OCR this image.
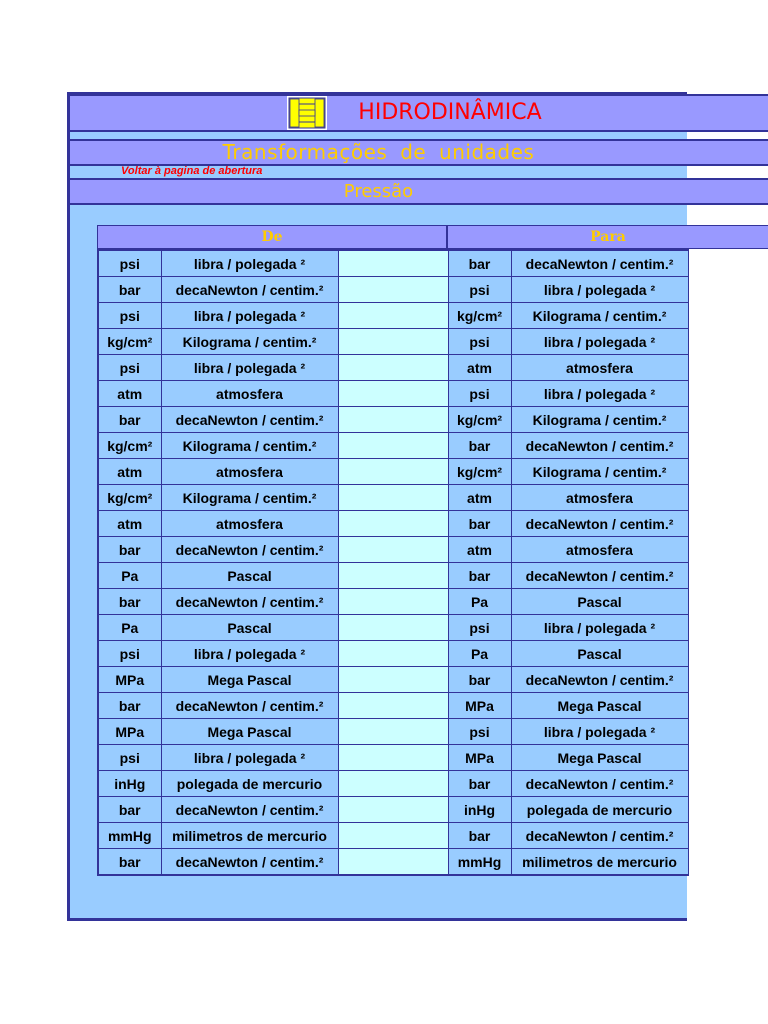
HIDRODINÂMICA
Transformações de unidades
Voltar à pagina de abertura
Pressão
De	Para
psi	libra / polegada ²		bar	decaNewton / centim.²
bar	decaNewton / centim.²		psi	libra / polegada ²
psi	libra / polegada ²		kg/cm²	Kilograma / centim.²
kg/cm²	Kilograma / centim.²		psi	libra / polegada ²
psi	libra / polegada ²		atm	atmosfera
atm	atmosfera		psi	libra / polegada ²
bar	decaNewton / centim.²		kg/cm²	Kilograma / centim.²
kg/cm²	Kilograma / centim.²		bar	decaNewton / centim.²
atm	atmosfera		kg/cm²	Kilograma / centim.²
kg/cm²	Kilograma / centim.²		atm	atmosfera
atm	atmosfera		bar	decaNewton / centim.²
bar	decaNewton / centim.²		atm	atmosfera
Pa	Pascal		bar	decaNewton / centim.²
bar	decaNewton / centim.²		Pa	Pascal
Pa	Pascal		psi	libra / polegada ²
psi	libra / polegada ²		Pa	Pascal
MPa	Mega Pascal		bar	decaNewton / centim.²
bar	decaNewton / centim.²		MPa	Mega Pascal
MPa	Mega Pascal		psi	libra / polegada ²
psi	libra / polegada ²		MPa	Mega Pascal
inHg	polegada de mercurio		bar	decaNewton / centim.²
bar	decaNewton / centim.²		inHg	polegada de mercurio
mmHg	milimetros de mercurio		bar	decaNewton / centim.²
bar	decaNewton / centim.²		mmHg	milimetros de mercurio
